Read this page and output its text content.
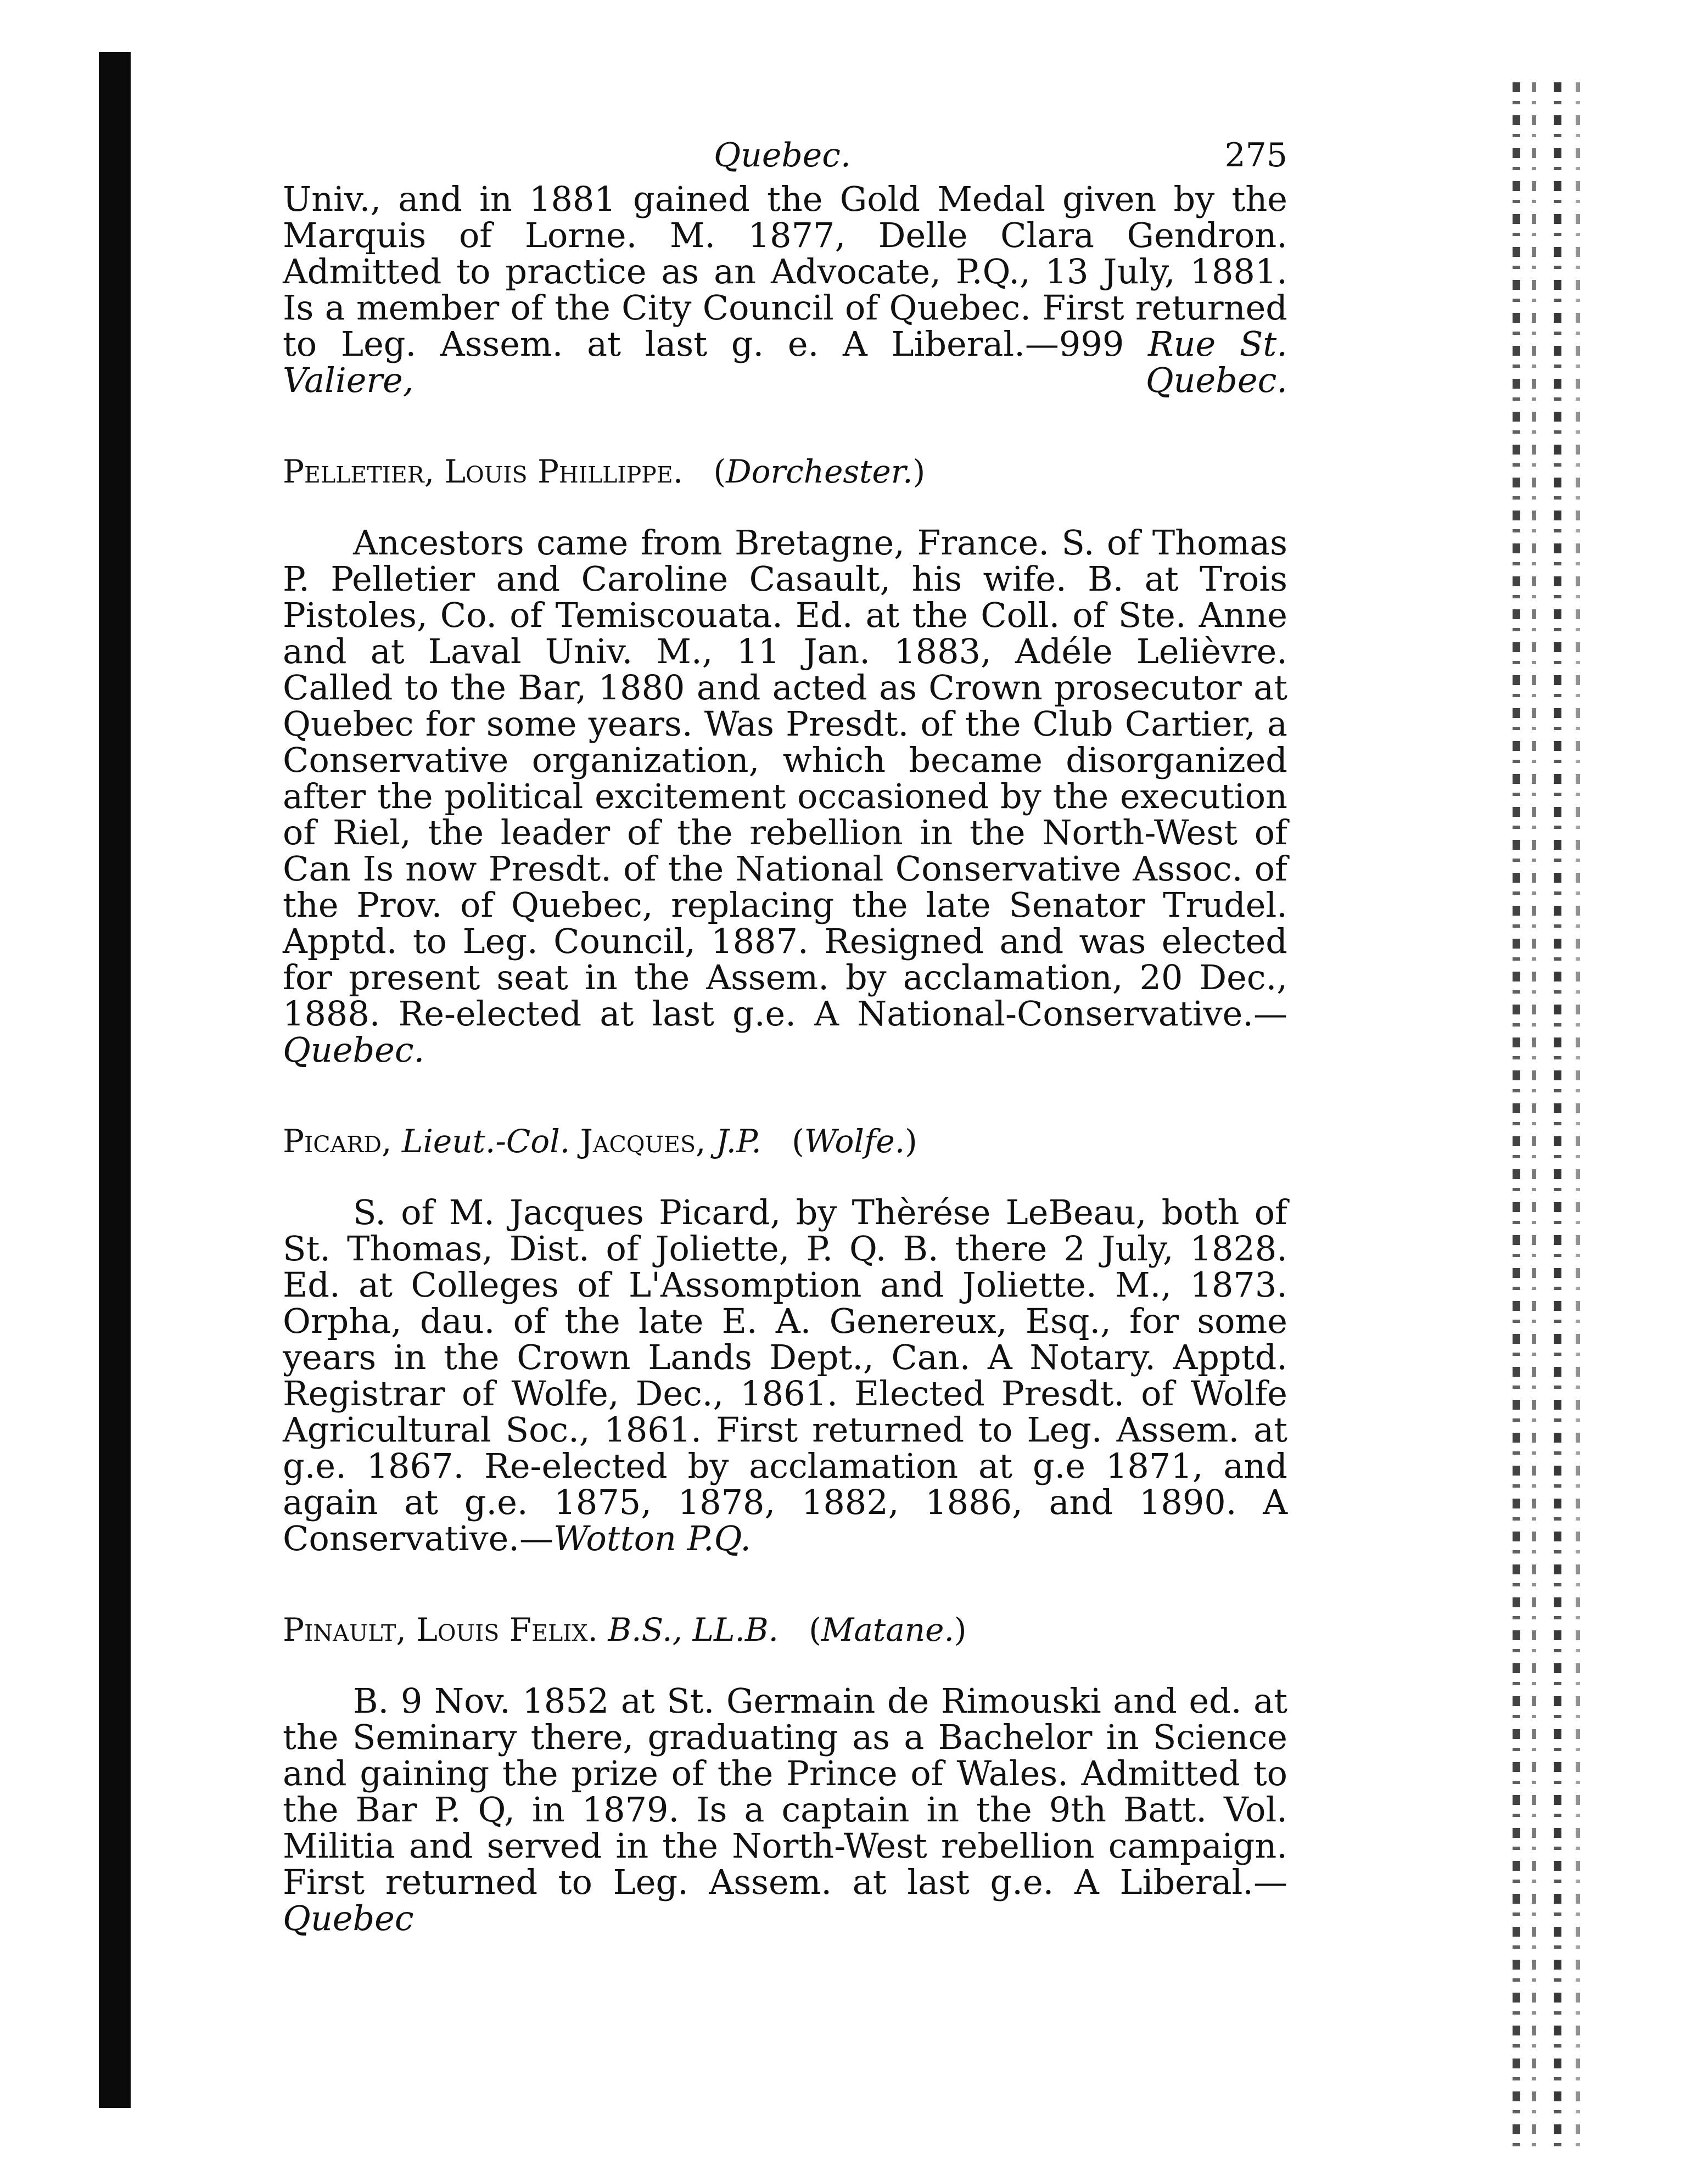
Quebec.	275

Univ., and in 1881 gained the Gold Medal given by the Marquis of Lorne. M. 1877, Delle Clara Gendron. Admitted to practice as an Advocate, P.Q., 13 July, 1881. Is a member of the City Council of Quebec. First returned to Leg. Assem. at last g. e. A Liberal.—999 Rue St. Valiere, Quebec.

Pelletier, Louis Phillippe.   (Dorchester.)

Ancestors came from Bretagne, France. S. of Thomas P. Pelletier and Caroline Casault, his wife. B. at Trois Pistoles, Co. of Temiscouata. Ed. at the Coll. of Ste. Anne and at Laval Univ. M., 11 Jan. 1883, Adéle Lelièvre. Called to the Bar, 1880 and acted as Crown prosecutor at Quebec for some years. Was Presdt. of the Club Cartier, a Conservative organization, which became disorganized after the political excitement occasioned by the execution of Riel, the leader of the rebellion in the North-West of Can Is now Presdt. of the National Conservative Assoc. of the Prov. of Quebec, replacing the late Senator Trudel. Apptd. to Leg. Council, 1887. Resigned and was elected for present seat in the Assem. by acclamation, 20 Dec., 1888. Re-elected at last g.e. A National-Conservative.—Quebec.

Picard, Lieut.-Col. Jacques, J.P.   (Wolfe.)

S. of M. Jacques Picard, by Thèrése LeBeau, both of St. Thomas, Dist. of Joliette, P. Q. B. there 2 July, 1828. Ed. at Colleges of L'Assomption and Joliette. M., 1873. Orpha, dau. of the late E. A. Genereux, Esq., for some years in the Crown Lands Dept., Can. A Notary. Apptd. Registrar of Wolfe, Dec., 1861. Elected Presdt. of Wolfe Agricultural Soc., 1861. First returned to Leg. Assem. at g.e. 1867. Re-elected by acclamation at g.e 1871, and again at g.e. 1875, 1878, 1882, 1886, and 1890. A Conservative.—Wotton P.Q.

Pinault, Louis Felix. B.S., LL.B.   (Matane.)

B. 9 Nov. 1852 at St. Germain de Rimouski and ed. at the Seminary there, graduating as a Bachelor in Science and gaining the prize of the Prince of Wales. Admitted to the Bar P. Q, in 1879. Is a captain in the 9th Batt. Vol. Militia and served in the North-West rebellion campaign. First returned to Leg. Assem. at last g.e. A Liberal.—Quebec
